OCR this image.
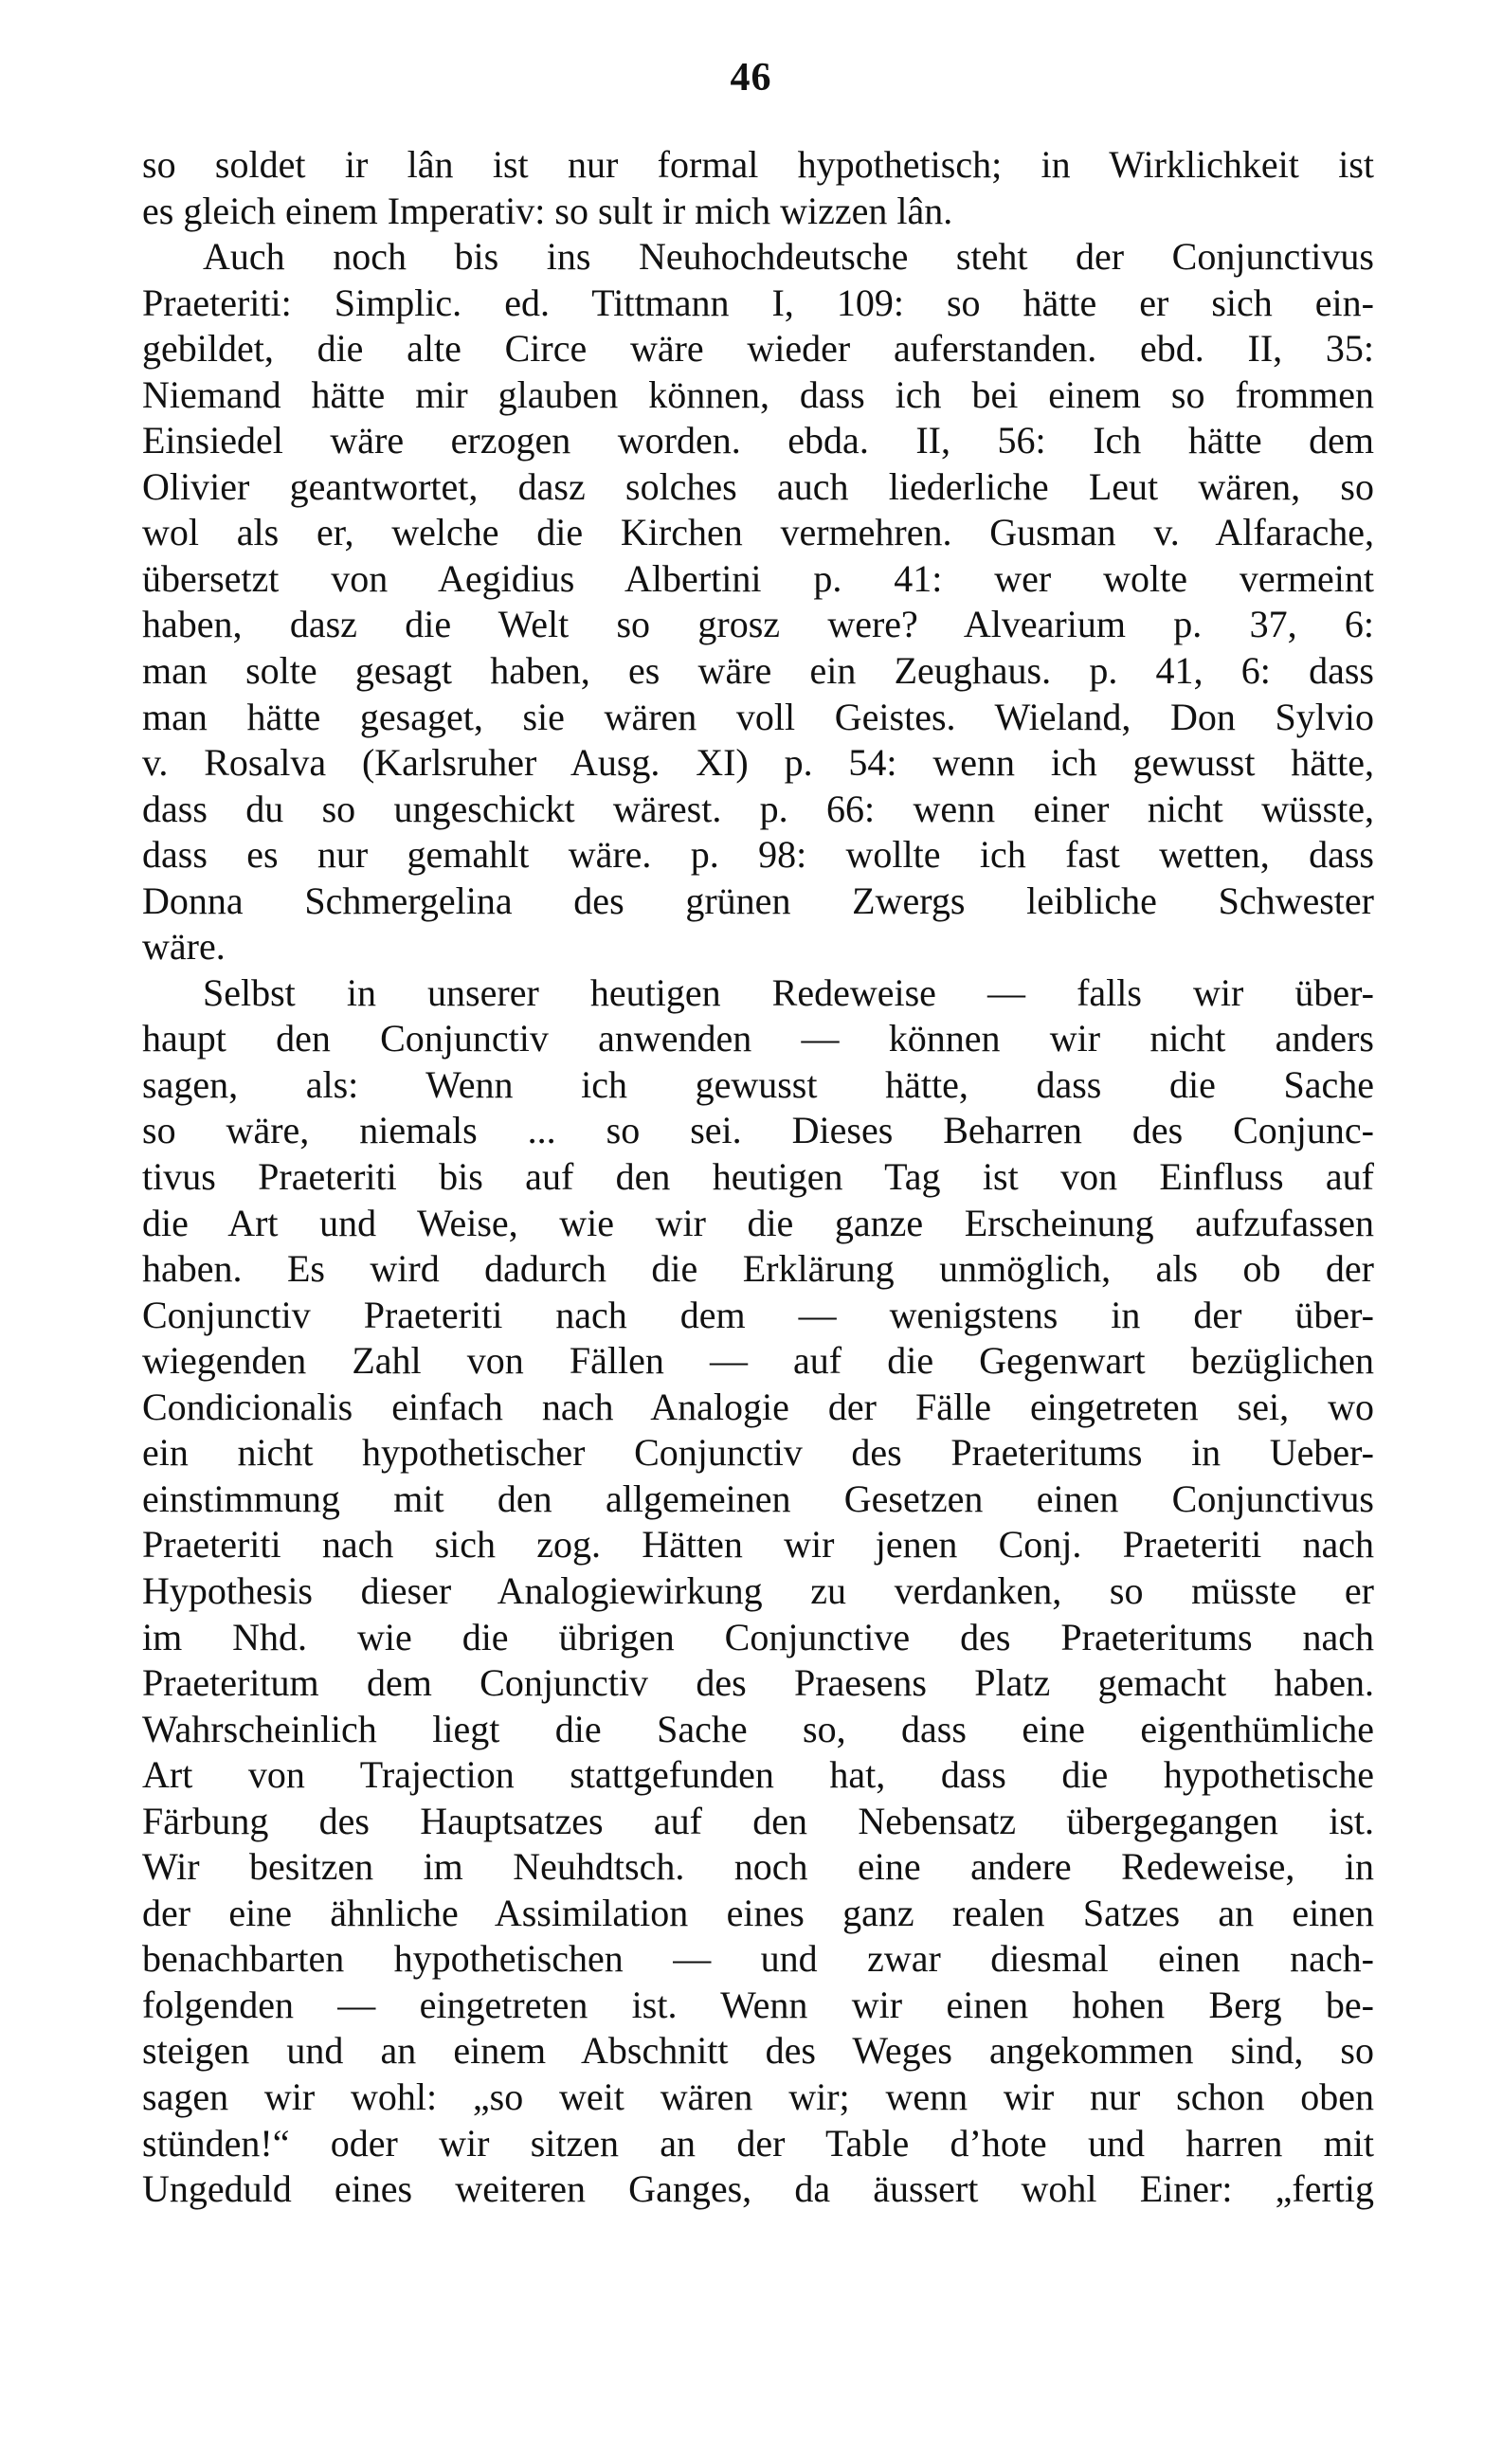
46
so soldet ir lân ist nur formal hypothetisch; in Wirklichkeit ist
es gleich einem Imperativ: so sult ir mich wizzen lân.
Auch noch bis ins Neuhochdeutsche steht der Conjunctivus
Praeteriti: Simplic. ed. Tittmann I, 109: so hätte er sich ein-
gebildet, die alte Circe wäre wieder auferstanden. ebd. II, 35:
Niemand hätte mir glauben können, dass ich bei einem so frommen
Einsiedel wäre erzogen worden. ebda. II, 56: Ich hätte dem
Olivier geantwortet, dasz solches auch liederliche Leut wären, so
wol als er, welche die Kirchen vermehren. Gusman v. Alfarache,
übersetzt von Aegidius Albertini p. 41: wer wolte vermeint
haben, dasz die Welt so grosz were? Alvearium p. 37, 6:
man solte gesagt haben, es wäre ein Zeughaus. p. 41, 6: dass
man hätte gesaget, sie wären voll Geistes. Wieland, Don Sylvio
v. Rosalva (Karlsruher Ausg. XI) p. 54: wenn ich gewusst hätte,
dass du so ungeschickt wärest. p. 66: wenn einer nicht wüsste,
dass es nur gemahlt wäre. p. 98: wollte ich fast wetten, dass
Donna Schmergelina des grünen Zwergs leibliche Schwester
wäre.
Selbst in unserer heutigen Redeweise — falls wir über-
haupt den Conjunctiv anwenden — können wir nicht anders
sagen, als: Wenn ich gewusst hätte, dass die Sache
so wäre, niemals ... so sei. Dieses Beharren des Conjunc-
tivus Praeteriti bis auf den heutigen Tag ist von Einfluss auf
die Art und Weise, wie wir die ganze Erscheinung aufzufassen
haben. Es wird dadurch die Erklärung unmöglich, als ob der
Conjunctiv Praeteriti nach dem — wenigstens in der über-
wiegenden Zahl von Fällen — auf die Gegenwart bezüglichen
Condicionalis einfach nach Analogie der Fälle eingetreten sei, wo
ein nicht hypothetischer Conjunctiv des Praeteritums in Ueber-
einstimmung mit den allgemeinen Gesetzen einen Conjunctivus
Praeteriti nach sich zog. Hätten wir jenen Conj. Praeteriti nach
Hypothesis dieser Analogiewirkung zu verdanken, so müsste er
im Nhd. wie die übrigen Conjunctive des Praeteritums nach
Praeteritum dem Conjunctiv des Praesens Platz gemacht haben.
Wahrscheinlich liegt die Sache so, dass eine eigenthümliche
Art von Trajection stattgefunden hat, dass die hypothetische
Färbung des Hauptsatzes auf den Nebensatz übergegangen ist.
Wir besitzen im Neuhdtsch. noch eine andere Redeweise, in
der eine ähnliche Assimilation eines ganz realen Satzes an einen
benachbarten hypothetischen — und zwar diesmal einen nach-
folgenden — eingetreten ist. Wenn wir einen hohen Berg be-
steigen und an einem Abschnitt des Weges angekommen sind, so
sagen wir wohl: „so weit wären wir; wenn wir nur schon oben
stünden!“ oder wir sitzen an der Table d’hote und harren mit
Ungeduld eines weiteren Ganges, da äussert wohl Einer: „fertig
